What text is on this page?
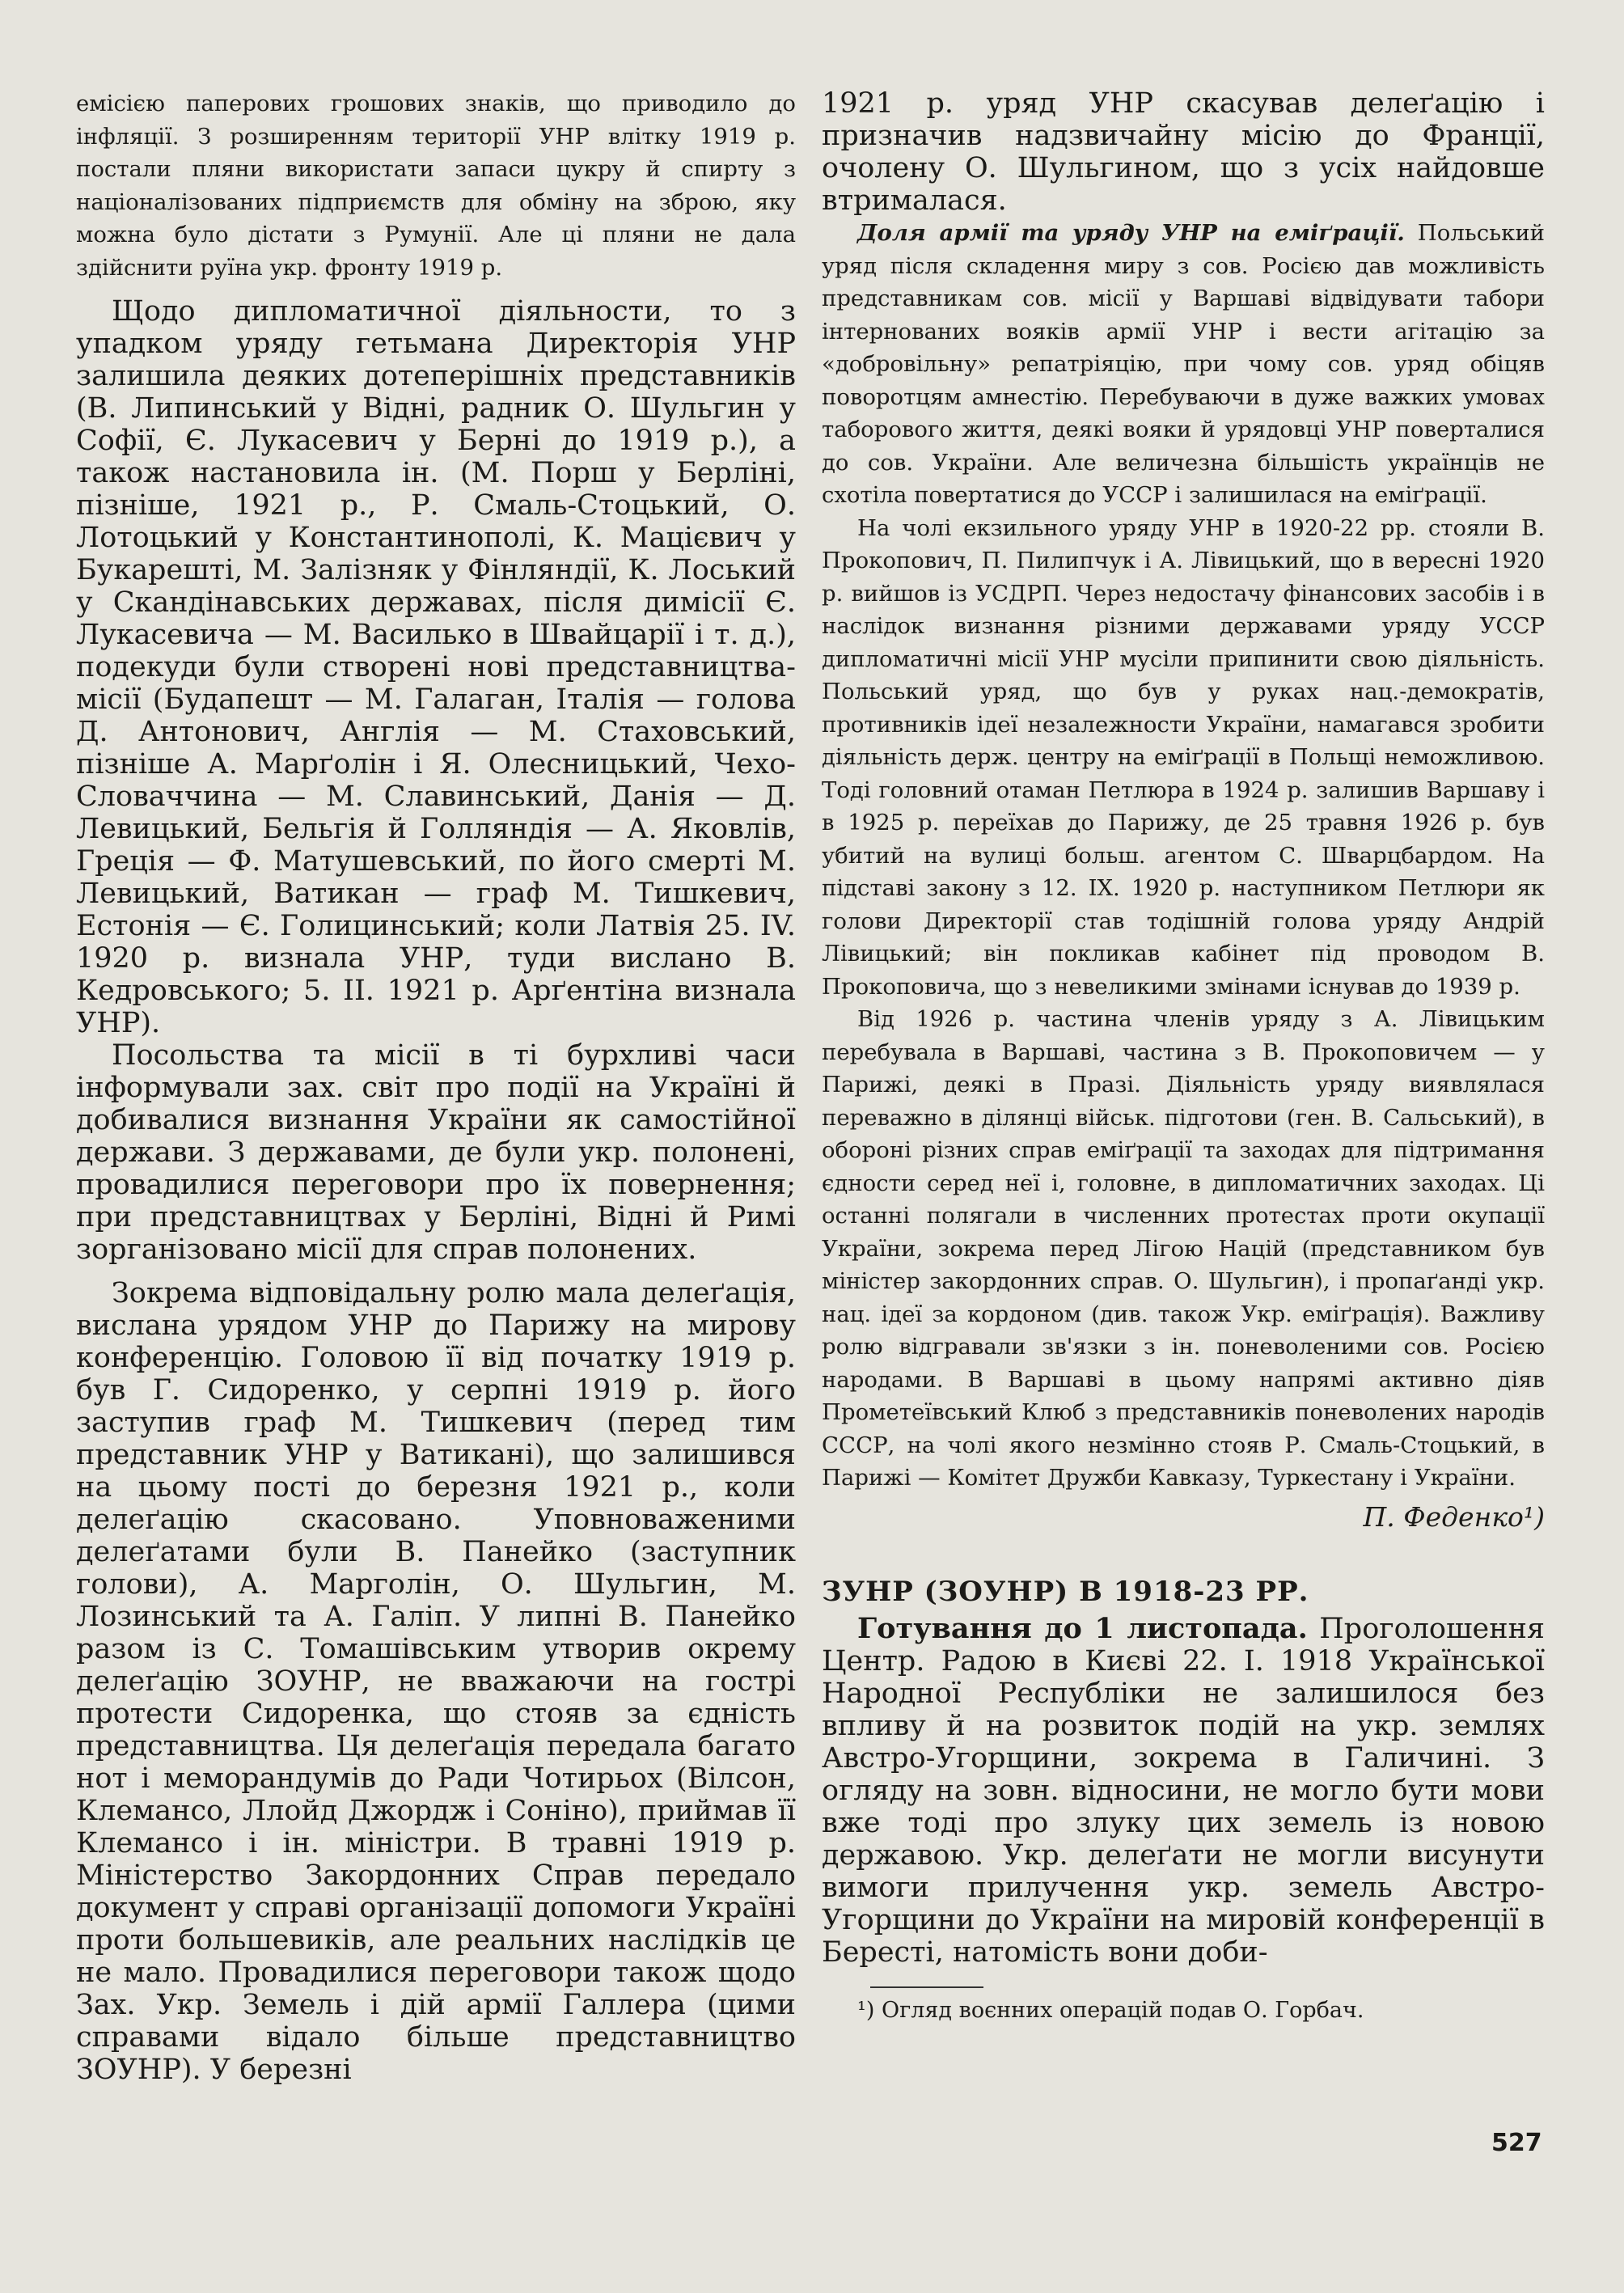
емісією паперових грошових знаків, що приводило до інфляції. З розширенням території УНР влітку 1919 р. постали пляни використати запаси цукру й спирту з націоналізованих підприємств для обміну на зброю, яку можна було дістати з Румунії. Але ці пляни не дала здійснити руїна укр. фронту 1919 р.

Щодо дипломатичної діяльности, то з упадком уряду гетьмана Директорія УНР залишила деяких дотеперішніх представників (В. Липинський у Відні, радник О. Шульгин у Софії, Є. Лукасевич у Берні до 1919 р.), а також настановила ін. (М. Порш у Берліні, пізніше, 1921 р., Р. Смаль-Стоцький, О. Лотоцький у Константинополі, К. Мацієвич у Букарешті, М. Залізняк у Фінляндії, К. Лоський у Скандінавських державах, після димісії Є. Лукасевича — М. Василько в Швайцарії і т. д.), подекуди були створені нові представництва-місії (Будапешт — М. Галаган, Італія — голова Д. Антонович, Англія — М. Стаховський, пізніше А. Марґолін і Я. Олесницький, Чехо-Словаччина — М. Славинський, Данія — Д. Левицький, Бельгія й Голляндія — А. Яковлів, Греція — Ф. Матушевський, по його смерті М. Левицький, Ватикан — граф М. Тишкевич, Естонія — Є. Голицинський; коли Латвія 25. IV. 1920 р. визнала УНР, туди вислано В. Кедровського; 5. II. 1921 р. Арґентіна визнала УНР).

Посольства та місії в ті бурхливі часи інформували зах. світ про події на Україні й добивалися визнання України як самостійної держави. З державами, де були укр. полонені, провадилися переговори про їх повернення; при представництвах у Берліні, Відні й Римі зорганізовано місії для справ полонених.

Зокрема відповідальну ролю мала делеґація, вислана урядом УНР до Парижу на мирову конференцію. Головою її від початку 1919 р. був Г. Сидоренко, у серпні 1919 р. його заступив граф М. Тишкевич (перед тим представник УНР у Ватикані), що залишився на цьому пості до березня 1921 р., коли делеґацію скасовано. Уповноваженими делеґатами були В. Панейко (заступник голови), А. Марголін, О. Шульгин, М. Лозинський та А. Галіп. У липні В. Панейко разом із С. Томашівським утворив окрему делеґацію ЗОУНР, не вважаючи на гострі протести Сидоренка, що стояв за єдність представництва. Ця делеґація передала багато нот і меморандумів до Ради Чотирьох (Вілсон, Клемансо, Ллойд Джордж і Соніно), приймав її Клемансо і ін. міністри. В травні 1919 р. Міністерство Закордонних Справ передало документ у справі організації допомоги Україні проти большевиків, але реальних наслідків це не мало. Провадилися переговори також щодо Зах. Укр. Земель і дій армії Галлера (цими справами відало більше представництво ЗОУНР). У березні

1921 р. уряд УНР скасував делеґацію і призначив надзвичайну місію до Франції, очолену О. Шульгином, що з усіх найдовше втрималася.

Доля армії та уряду УНР на еміґрації. Польський уряд після складення миру з сов. Росією дав можливість представникам сов. місії у Варшаві відвідувати табори інтернованих вояків армії УНР і вести агітацію за «добровільну» репатріяцію, при чому сов. уряд обіцяв поворотцям амнестію. Перебуваючи в дуже важких умовах таборового життя, деякі вояки й урядовці УНР поверталися до сов. України. Але величезна більшість українців не схотіла повертатися до УССР і залишилася на еміґрації.

На чолі екзильного уряду УНР в 1920-22 рр. стояли В. Прокопович, П. Пилипчук і А. Лівицький, що в вересні 1920 р. вийшов із УСДРП. Через недостачу фінансових засобів і в наслідок визнання різними державами уряду УССР дипломатичні місії УНР мусіли припинити свою діяльність. Польський уряд, що був у руках нац.-демократів, противників ідеї незалежности України, намагався зробити діяльність держ. центру на еміґрації в Польщі неможливою. Тоді головний отаман Петлюра в 1924 р. залишив Варшаву і в 1925 р. переїхав до Парижу, де 25 травня 1926 р. був убитий на вулиці больш. агентом С. Шварцбардом. На підставі закону з 12. IX. 1920 р. наступником Петлюри як голови Директорії став тодішній голова уряду Андрій Лівицький; він покликав кабінет під проводом В. Прокоповича, що з невеликими змінами існував до 1939 р.

Від 1926 р. частина членів уряду з А. Лівицьким перебувала в Варшаві, частина з В. Прокоповичем — у Парижі, деякі в Празі. Діяльність уряду виявлялася переважно в ділянці військ. підготови (ген. В. Сальський), в обороні різних справ еміґрації та заходах для підтримання єдности серед неї і, головне, в дипломатичних заходах. Ці останні полягали в численних протестах проти окупації України, зокрема перед Лігою Націй (представником був міністер закордонних справ. О. Шульгин), і пропаґанді укр. нац. ідеї за кордоном (див. також Укр. еміґрація). Важливу ролю відгравали зв'язки з ін. поневоленими сов. Росією народами. В Варшаві в цьому напрямі активно діяв Прометеївський Клюб з представників поневолених народів СССР, на чолі якого незмінно стояв Р. Смаль-Стоцький, в Парижі — Комітет Дружби Кавказу, Туркестану і України.

П. Феденко¹)

ЗУНР (ЗОУНР) В 1918-23 РР.

Готування до 1 листопада. Проголошення Центр. Радою в Києві 22. I. 1918 Української Народної Республіки не залишилося без впливу й на розвиток подій на укр. землях Австро-Угорщини, зокрема в Галичині. З огляду на зовн. відносини, не могло бути мови вже тоді про злуку цих земель із новою державою. Укр. делеґати не могли висунути вимоги прилучення укр. земель Австро-Угорщини до України на мировій конференції в Бересті, натомість вони доби-

¹) Огляд воєнних операцій подав О. Горбач.

527
